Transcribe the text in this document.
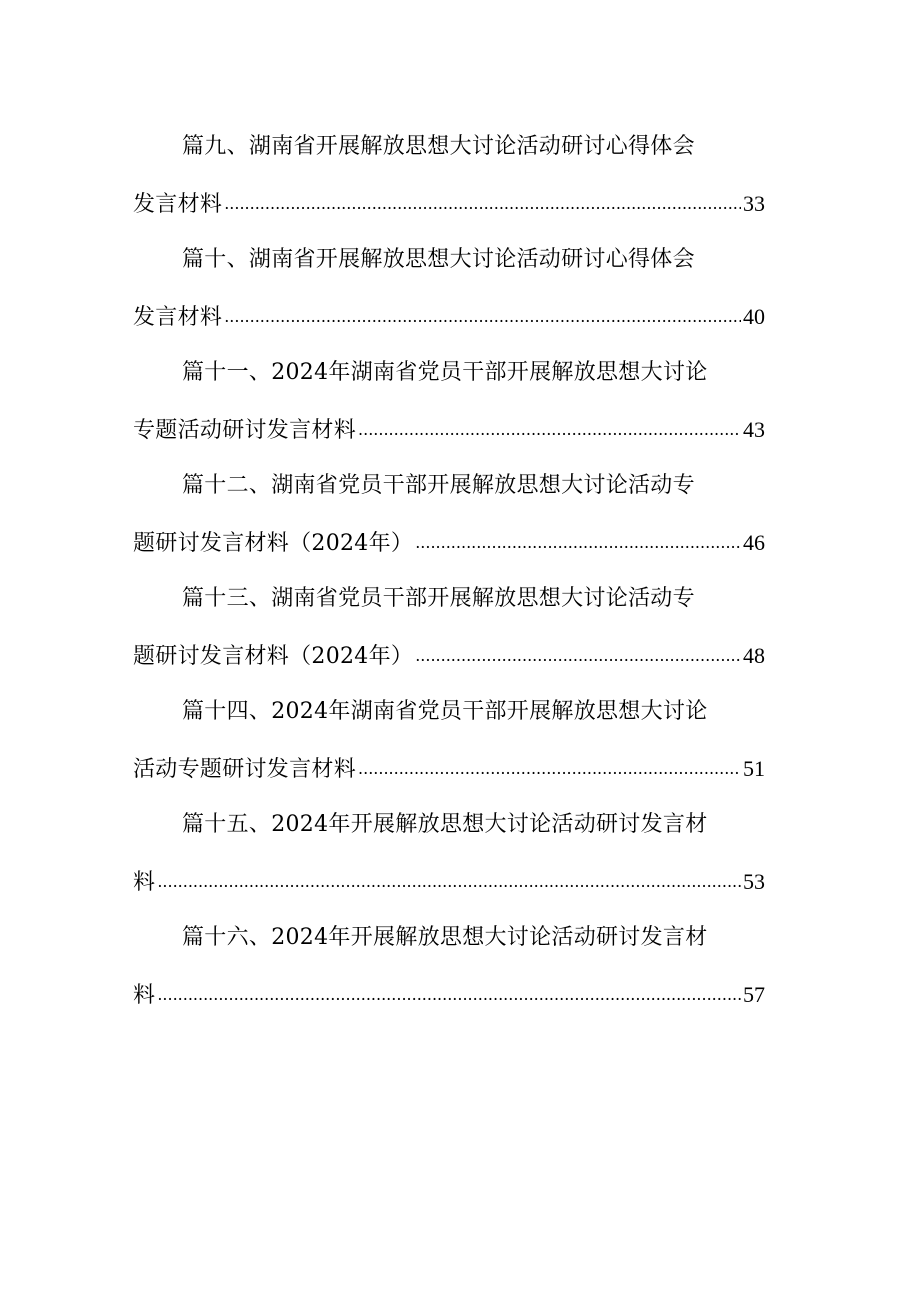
篇九、湖南省开展解放思想大讨论活动研讨心得体会
发言材料 .....	33
篇十、湖南省开展解放思想大讨论活动研讨心得体会
发言材料 .....	40
篇十一、2024年湖南省党员干部开展解放思想大讨论
专题活动研讨发言材料 .....	43
篇十二、湖南省党员干部开展解放思想大讨论活动专
题研讨发言材料（2024年） .....	46
篇十三、湖南省党员干部开展解放思想大讨论活动专
题研讨发言材料（2024年） .....	48
篇十四、2024年湖南省党员干部开展解放思想大讨论
活动专题研讨发言材料 .....	51
篇十五、2024年开展解放思想大讨论活动研讨发言材
料 .....	53
篇十六、2024年开展解放思想大讨论活动研讨发言材
料 .....	57
